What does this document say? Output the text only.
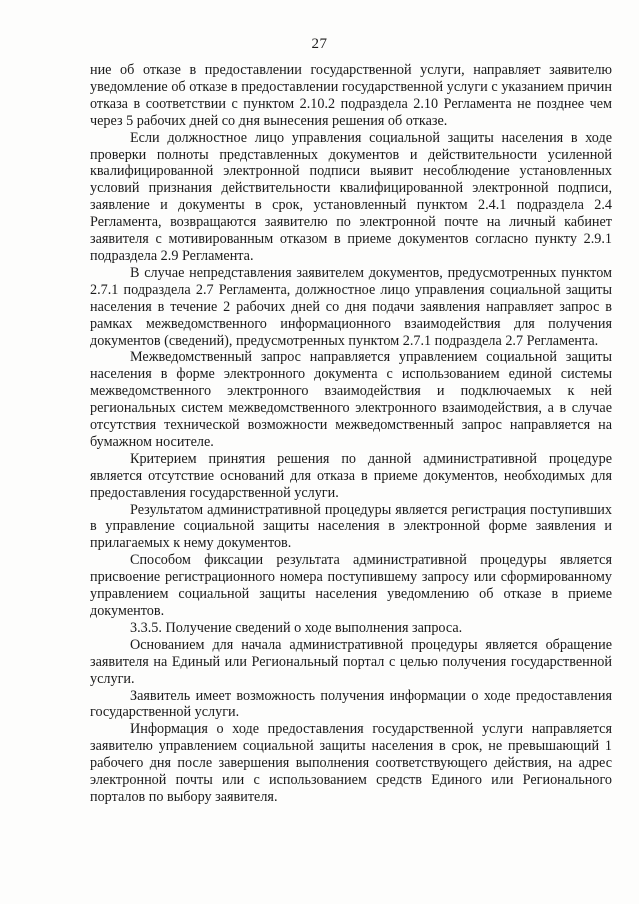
27

ние об отказе в предоставлении государственной услуги, направляет заявителю уведомление об отказе в предоставлении государственной услуги с указанием причин отказа в соответствии с пунктом 2.10.2 подраздела 2.10 Регламента не позднее чем через 5 рабочих дней со дня вынесения решения об отказе.

Если должностное лицо управления социальной защиты населения в ходе проверки полноты представленных документов и действительности усиленной квалифицированной электронной подписи выявит несоблюдение установленных условий признания действительности квалифицированной электронной подписи, заявление и документы в срок, установленный пунктом 2.4.1 подраздела 2.4 Регламента, возвращаются заявителю по электронной почте на личный кабинет заявителя с мотивированным отказом в приеме документов согласно пункту 2.9.1 подраздела 2.9 Регламента.

В случае непредставления заявителем документов, предусмотренных пунктом 2.7.1 подраздела 2.7 Регламента, должностное лицо управления социальной защиты населения в течение 2 рабочих дней со дня подачи заявления направляет запрос в рамках межведомственного информационного взаимодействия для получения документов (сведений), предусмотренных пунктом 2.7.1 подраздела 2.7 Регламента.

Межведомственный запрос направляется управлением социальной защиты населения в форме электронного документа с использованием единой системы межведомственного электронного взаимодействия и подключаемых к ней региональных систем межведомственного электронного взаимодействия, а в случае отсутствия технической возможности межведомственный запрос направляется на бумажном носителе.

Критерием принятия решения по данной административной процедуре является отсутствие оснований для отказа в приеме документов, необходимых для предоставления государственной услуги.

Результатом административной процедуры является регистрация поступивших в управление социальной защиты населения в электронной форме заявления и прилагаемых к нему документов.

Способом фиксации результата административной процедуры является присвоение регистрационного номера поступившему запросу или сформированному управлением социальной защиты населения уведомлению об отказе в приеме документов.

3.3.5. Получение сведений о ходе выполнения запроса.

Основанием для начала административной процедуры является обращение заявителя на Единый или Региональный портал с целью получения государственной услуги.

Заявитель имеет возможность получения информации о ходе предоставления государственной услуги.

Информация о ходе предоставления государственной услуги направляется заявителю управлением социальной защиты населения в срок, не превышающий 1 рабочего дня после завершения выполнения соответствующего действия, на адрес электронной почты или с использованием средств Единого или Регионального порталов по выбору заявителя.
